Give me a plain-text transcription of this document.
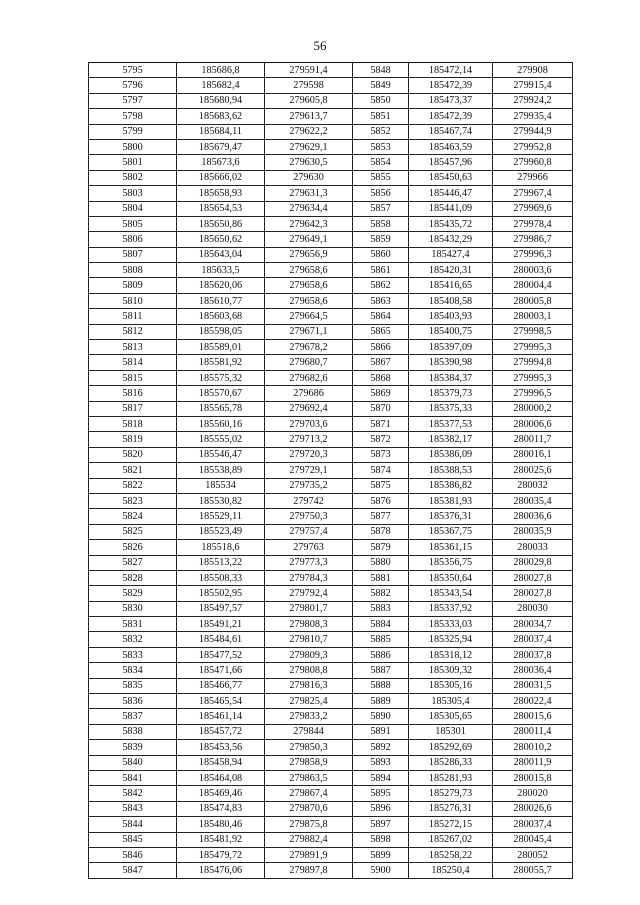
56
5795	185686,8	279591,4	5848	185472,14	279908
5796	185682,4	279598	5849	185472,39	279915,4
5797	185680,94	279605,8	5850	185473,37	279924,2
5798	185683,62	279613,7	5851	185472,39	279935,4
5799	185684,11	279622,2	5852	185467,74	279944,9
5800	185679,47	279629,1	5853	185463,59	279952,8
5801	185673,6	279630,5	5854	185457,96	279960,8
5802	185666,02	279630	5855	185450,63	279966
5803	185658,93	279631,3	5856	185446,47	279967,4
5804	185654,53	279634,4	5857	185441,09	279969,6
5805	185650,86	279642,3	5858	185435,72	279978,4
5806	185650,62	279649,1	5859	185432,29	279986,7
5807	185643,04	279656,9	5860	185427,4	279996,3
5808	185633,5	279658,6	5861	185420,31	280003,6
5809	185620,06	279658,6	5862	185416,65	280004,4
5810	185610,77	279658,6	5863	185408,58	280005,8
5811	185603,68	279664,5	5864	185403,93	280003,1
5812	185598,05	279671,1	5865	185400,75	279998,5
5813	185589,01	279678,2	5866	185397,09	279995,3
5814	185581,92	279680,7	5867	185390,98	279994,8
5815	185575,32	279682,6	5868	185384,37	279995,3
5816	185570,67	279686	5869	185379,73	279996,5
5817	185565,78	279692,4	5870	185375,33	280000,2
5818	185560,16	279703,6	5871	185377,53	280006,6
5819	185555,02	279713,2	5872	185382,17	280011,7
5820	185546,47	279720,3	5873	185386,09	280016,1
5821	185538,89	279729,1	5874	185388,53	280025,6
5822	185534	279735,2	5875	185386,82	280032
5823	185530,82	279742	5876	185381,93	280035,4
5824	185529,11	279750,3	5877	185376,31	280036,6
5825	185523,49	279757,4	5878	185367,75	280035,9
5826	185518,6	279763	5879	185361,15	280033
5827	185513,22	279773,3	5880	185356,75	280029,8
5828	185508,33	279784,3	5881	185350,64	280027,8
5829	185502,95	279792,4	5882	185343,54	280027,8
5830	185497,57	279801,7	5883	185337,92	280030
5831	185491,21	279808,3	5884	185333,03	280034,7
5832	185484,61	279810,7	5885	185325,94	280037,4
5833	185477,52	279809,3	5886	185318,12	280037,8
5834	185471,66	279808,8	5887	185309,32	280036,4
5835	185466,77	279816,3	5888	185305,16	280031,5
5836	185465,54	279825,4	5889	185305,4	280022,4
5837	185461,14	279833,2	5890	185305,65	280015,6
5838	185457,72	279844	5891	185301	280011,4
5839	185453,56	279850,3	5892	185292,69	280010,2
5840	185458,94	279858,9	5893	185286,33	280011,9
5841	185464,08	279863,5	5894	185281,93	280015,8
5842	185469,46	279867,4	5895	185279,73	280020
5843	185474,83	279870,6	5896	185276,31	280026,6
5844	185480,46	279875,8	5897	185272,15	280037,4
5845	185481,92	279882,4	5898	185267,02	280045,4
5846	185479,72	279891,9	5899	185258,22	280052
5847	185476,06	279897,8	5900	185250,4	280055,7
